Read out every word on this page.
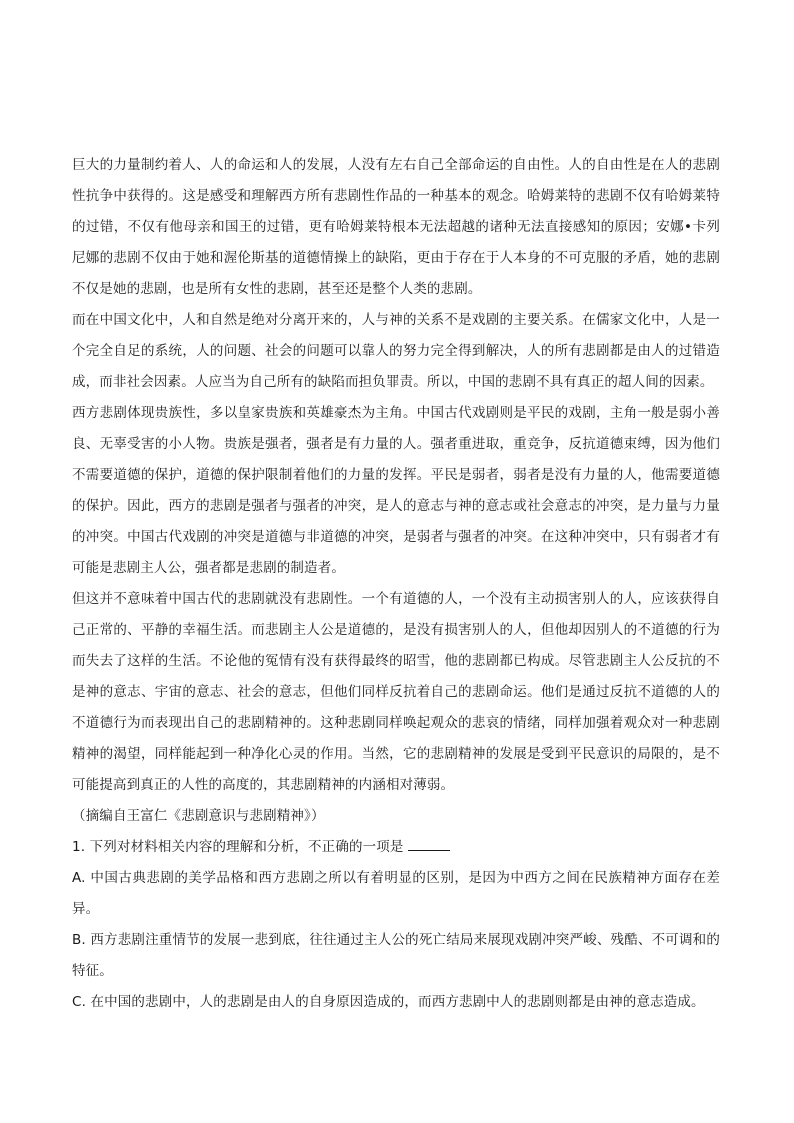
巨大的力量制约着人、人的命运和人的发展，人没有左右自己全部命运的自由性。人的自由性是在人的悲剧性抗争中获得的。这是感受和理解西方所有悲剧性作品的一种基本的观念。哈姆莱特的悲剧不仅有哈姆莱特的过错，不仅有他母亲和国王的过错，更有哈姆莱特根本无法超越的诸种无法直接感知的原因；安娜•卡列尼娜的悲剧不仅由于她和渥伦斯基的道德情操上的缺陷，更由于存在于人本身的不可克服的矛盾，她的悲剧不仅是她的悲剧，也是所有女性的悲剧，甚至还是整个人类的悲剧。

而在中国文化中，人和自然是绝对分离开来的，人与神的关系不是戏剧的主要关系。在儒家文化中，人是一个完全自足的系统，人的问题、社会的问题可以靠人的努力完全得到解决，人的所有悲剧都是由人的过错造成，而非社会因素。人应当为自己所有的缺陷而担负罪责。所以，中国的悲剧不具有真正的超人间的因素。

西方悲剧体现贵族性，多以皇家贵族和英雄豪杰为主角。中国古代戏剧则是平民的戏剧，主角一般是弱小善良、无辜受害的小人物。贵族是强者，强者是有力量的人。强者重进取，重竞争，反抗道德束缚，因为他们不需要道德的保护，道德的保护限制着他们的力量的发挥。平民是弱者，弱者是没有力量的人，他需要道德的保护。因此，西方的悲剧是强者与强者的冲突，是人的意志与神的意志或社会意志的冲突，是力量与力量的冲突。中国古代戏剧的冲突是道德与非道德的冲突，是弱者与强者的冲突。在这种冲突中，只有弱者才有可能是悲剧主人公，强者都是悲剧的制造者。

但这并不意味着中国古代的悲剧就没有悲剧性。一个有道德的人，一个没有主动损害别人的人，应该获得自己正常的、平静的幸福生活。而悲剧主人公是道德的，是没有损害别人的人，但他却因别人的不道德的行为而失去了这样的生活。不论他的冤情有没有获得最终的昭雪，他的悲剧都已构成。尽管悲剧主人公反抗的不是神的意志、宇宙的意志、社会的意志，但他们同样反抗着自己的悲剧命运。他们是通过反抗不道德的人的不道德行为而表现出自己的悲剧精神的。这种悲剧同样唤起观众的悲哀的情绪，同样加强着观众对一种悲剧精神的渴望，同样能起到一种净化心灵的作用。当然，它的悲剧精神的发展是受到平民意识的局限的，是不可能提高到真正的人性的高度的，其悲剧精神的内涵相对薄弱。

（摘编自王富仁《悲剧意识与悲剧精神》）

1. 下列对材料相关内容的理解和分析，不正确的一项是

A. 中国古典悲剧的美学品格和西方悲剧之所以有着明显的区别，是因为中西方之间在民族精神方面存在差异。

B. 西方悲剧注重情节的发展一悲到底，往往通过主人公的死亡结局来展现戏剧冲突严峻、残酷、不可调和的特征。

C. 在中国的悲剧中，人的悲剧是由人的自身原因造成的，而西方悲剧中人的悲剧则都是由神的意志造成。
